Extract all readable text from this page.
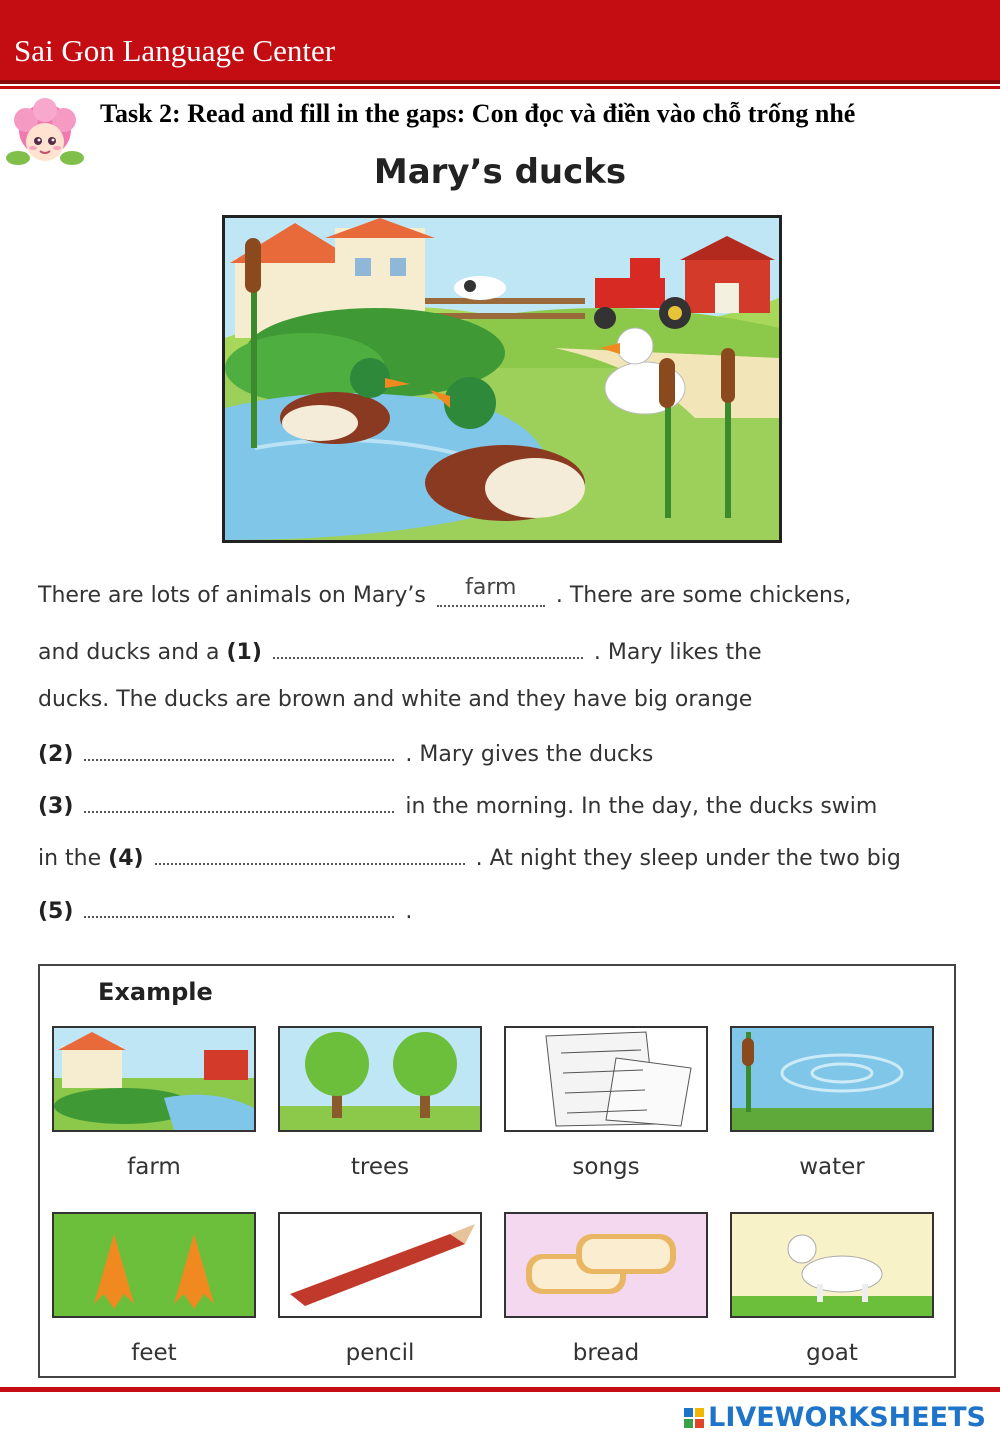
Sai Gon Language Center
Task 2: Read and fill in the gaps: Con đọc và điền vào chỗ trống nhé
Mary’s ducks
There are lots of animals on Mary’s farm . There are some chickens,
and ducks and a (1)	. Mary likes the
ducks. The ducks are brown and white and they have big orange
(2)	. Mary gives the ducks
(3)	in the morning. In the day, the ducks swim
in the (4)	. At night they sleep under the two big
(5)	.
Example
farm	trees	songs	water
feet	pencil	bread	goat
LIVEWORKSHEETS
